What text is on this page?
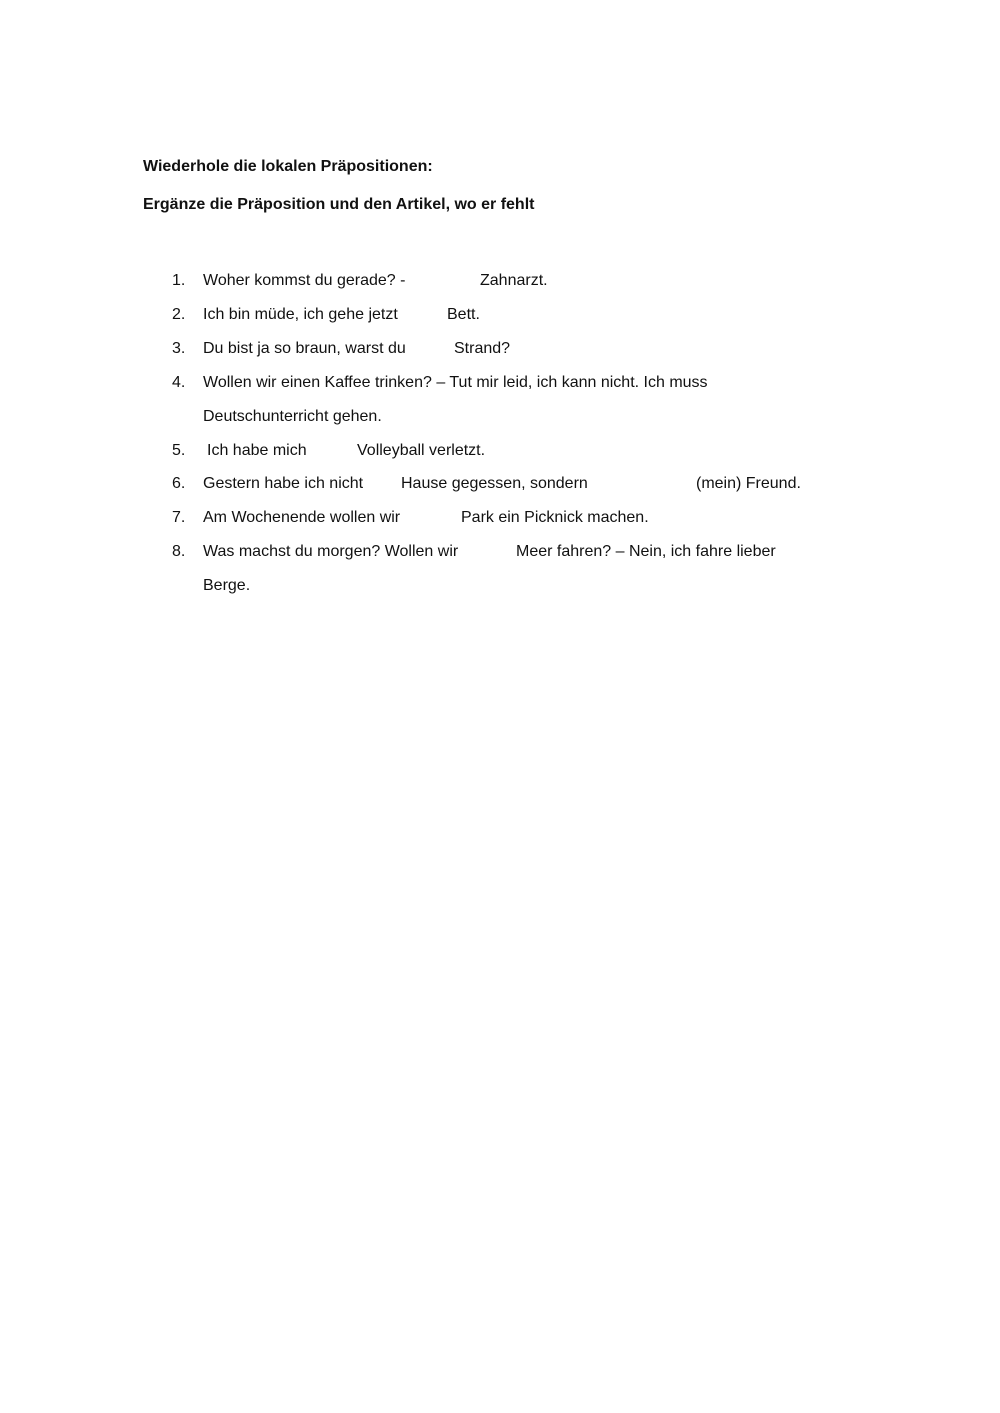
Wiederhole die lokalen Präpositionen:
Ergänze die Präposition und den Artikel, wo er fehlt
1. Woher kommst du gerade? -	Zahnarzt.
2. Ich bin müde, ich gehe jetzt	Bett.
3. Du bist ja so braun, warst du	Strand?
4. Wollen wir einen Kaffee trinken? – Tut mir leid, ich kann nicht. Ich muss
Deutschunterricht gehen.
5. Ich habe mich	Volleyball verletzt.
6. Gestern habe ich nicht Hause gegessen, sondern	(mein) Freund.
7. Am Wochenende wollen wir	Park ein Picknick machen.
8. Was machst du morgen? Wollen wir	Meer fahren? – Nein, ich fahre lieber
Berge.
